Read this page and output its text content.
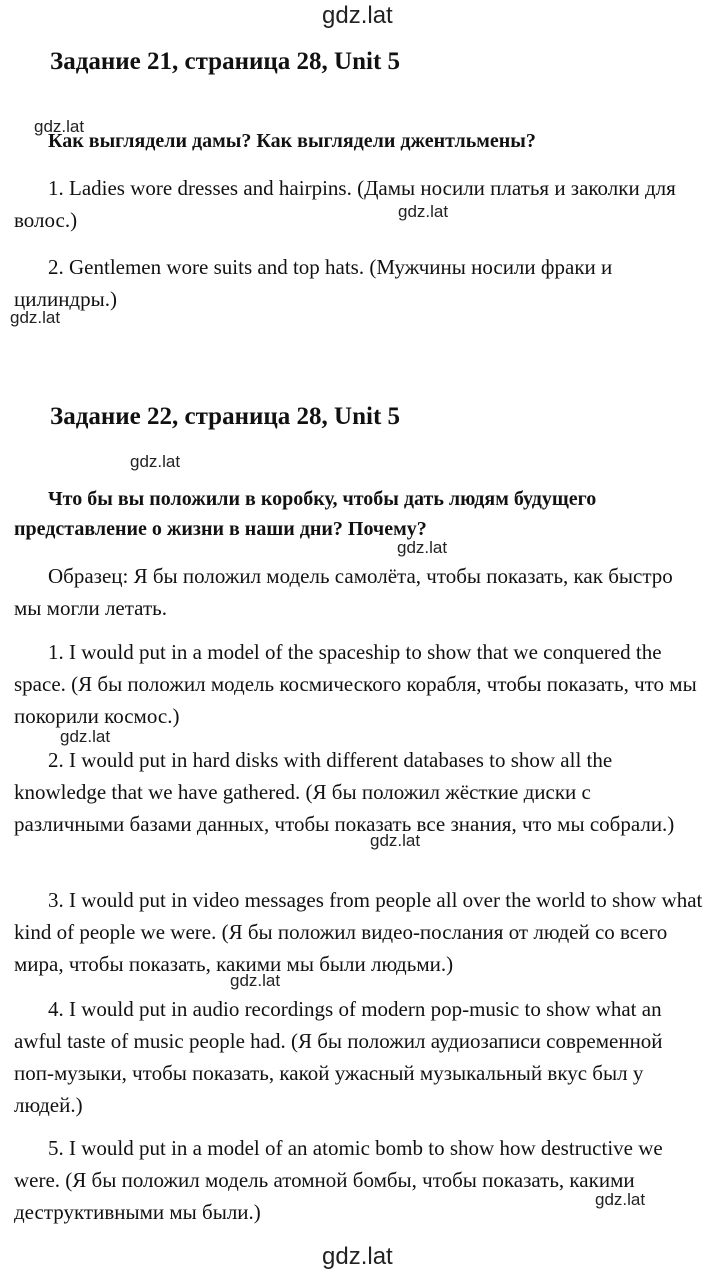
gdz.lat
gdz.lat
gdz.lat
gdz.lat
gdz.lat
gdz.lat
gdz.lat
gdz.lat
gdz.lat
gdz.lat
gdz.lat
Задание 21, страница 28, Unit 5
Как выглядели дамы? Как выглядели джентльмены?
1. Ladies wore dresses and hairpins. (Дамы носили платья и заколки для волос.)
2. Gentlemen wore suits and top hats. (Мужчины носили фраки и цилиндры.)
Задание 22, страница 28, Unit 5
Что бы вы положили в коробку, чтобы дать людям будущего представление о жизни в наши дни? Почему?
Образец: Я бы положил модель самолёта, чтобы показать, как быстро мы могли летать.
1. I would put in a model of the spaceship to show that we conquered the space. (Я бы положил модель космического корабля, чтобы показать, что мы покорили космос.)
2. I would put in hard disks with different databases to show all the knowledge that we have gathered. (Я бы положил жёсткие диски с различными базами данных, чтобы показать все знания, что мы собрали.)
3. I would put in video messages from people all over the world to show what kind of people we were. (Я бы положил видео-послания от людей со всего мира, чтобы показать, какими мы были людьми.)
4. I would put in audio recordings of modern pop-music to show what an awful taste of music people had. (Я бы положил аудиозаписи современной поп-музыки, чтобы показать, какой ужасный музыкальный вкус был у людей.)
5. I would put in a model of an atomic bomb to show how destructive we were. (Я бы положил модель атомной бомбы, чтобы показать, какими деструктивными мы были.)
